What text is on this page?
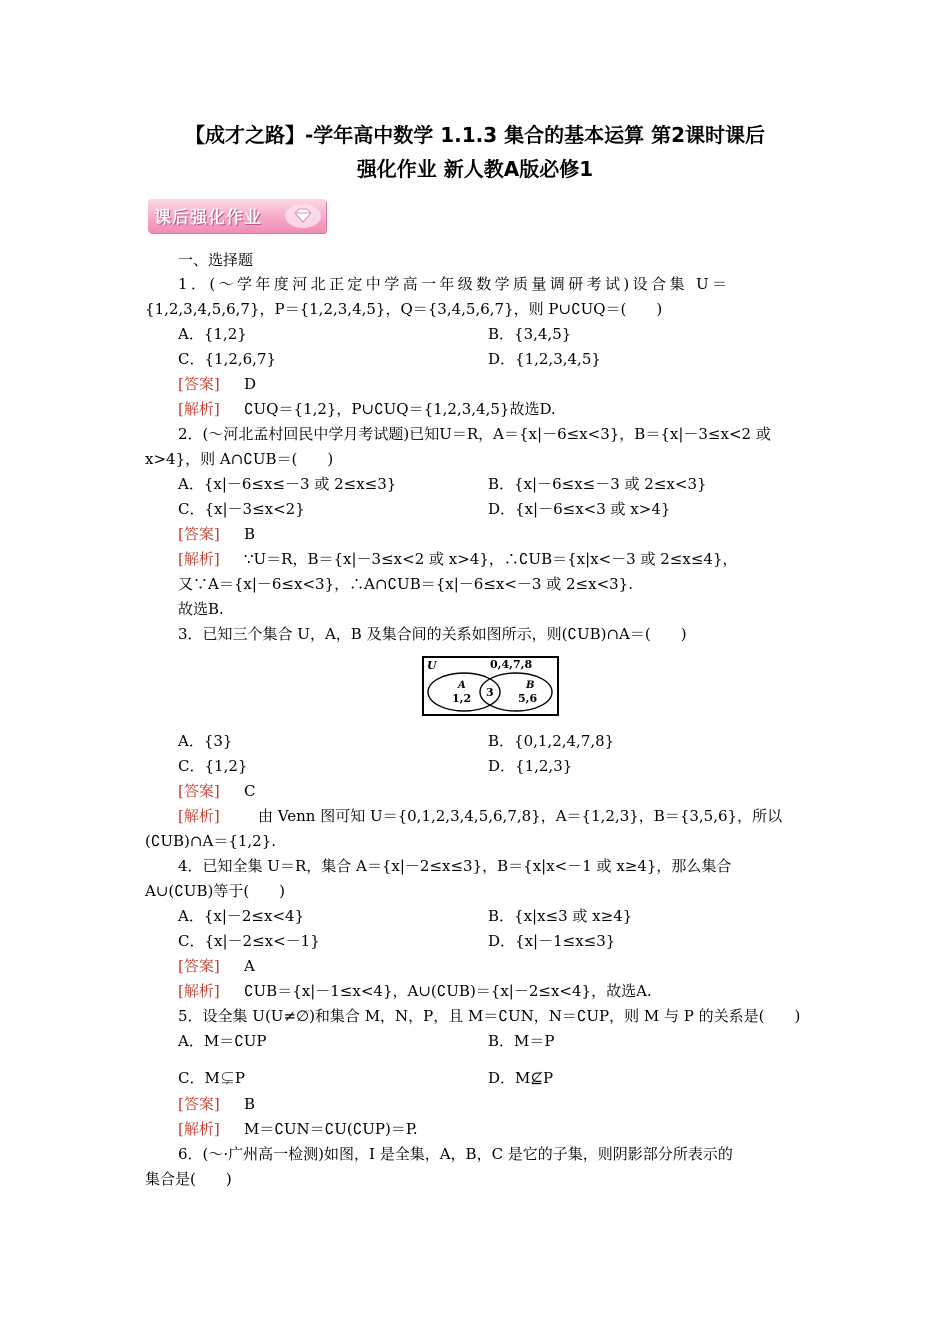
【成才之路】-学年高中数学 1.1.3 集合的基本运算 第2课时课后
强化作业 新人教A版必修1
课后强化作业
一、选择题
1．(～学年度河北正定中学高一年级数学质量调研考试)设合集 U＝
{1,2,3,4,5,6,7}，P＝{1,2,3,4,5}，Q＝{3,4,5,6,7}，则 P∪∁UQ＝(　　)
A．{1,2}	B．{3,4,5}
C．{1,2,6,7}	D．{1,2,3,4,5}
[答案] D
[解析] ∁UQ＝{1,2}，P∪∁UQ＝{1,2,3,4,5}故选D.
2．(～河北孟村回民中学月考试题)已知U＝R，A＝{x|－6≤x<3}，B＝{x|－3≤x<2 或
x>4}，则 A∩∁UB＝(　　)
A．{x|－6≤x≤－3 或 2≤x≤3}	B．{x|－6≤x≤－3 或 2≤x<3}
C．{x|－3≤x<2}	D．{x|－6≤x<3 或 x>4}
[答案] B
[解析] ∵U＝R，B＝{x|－3≤x<2 或 x>4}，∴∁UB＝{x|x<－3 或 2≤x≤4}，
又∵A＝{x|－6≤x<3}，∴A∩∁UB＝{x|－6≤x<－3 或 2≤x<3}.
故选B.
3．已知三个集合 U，A，B 及集合间的关系如图所示，则(∁UB)∩A＝(　　)
U	0,4,7,8
A
1,2 3
B
5,6
A．{3}	B．{0,1,2,4,7,8}
C．{1,2}	D．{1,2,3}
[答案] C
[解析]	由 Venn 图可知 U＝{0,1,2,3,4,5,6,7,8}，A＝{1,2,3}，B＝{3,5,6}，所以
(∁UB)∩A＝{1,2}.
4．已知全集 U＝R，集合 A＝{x|－2≤x≤3}，B＝{x|x<－1 或 x≥4}，那么集合
A∪(∁UB)等于(　　)
A．{x|－2≤x<4}	B．{x|x≤3 或 x≥4}
C．{x|－2≤x<－1}	D．{x|－1≤x≤3}
[答案] A
[解析] ∁UB＝{x|－1≤x<4}，A∪(∁UB)＝{x|－2≤x<4}，故选A.
5．设全集 U(U≠∅)和集合 M，N，P，且 M＝∁UN，N＝∁UP，则 M 与 P 的关系是(　　)
A．M＝∁UP	B．M＝P
C．M⊊P	D．M⊈P
[答案] B
[解析] M＝∁UN＝∁U(∁UP)＝P.
6．(～·广州高一检测)如图，I 是全集，A，B，C 是它的子集，则阴影部分所表示的
集合是(　　)
